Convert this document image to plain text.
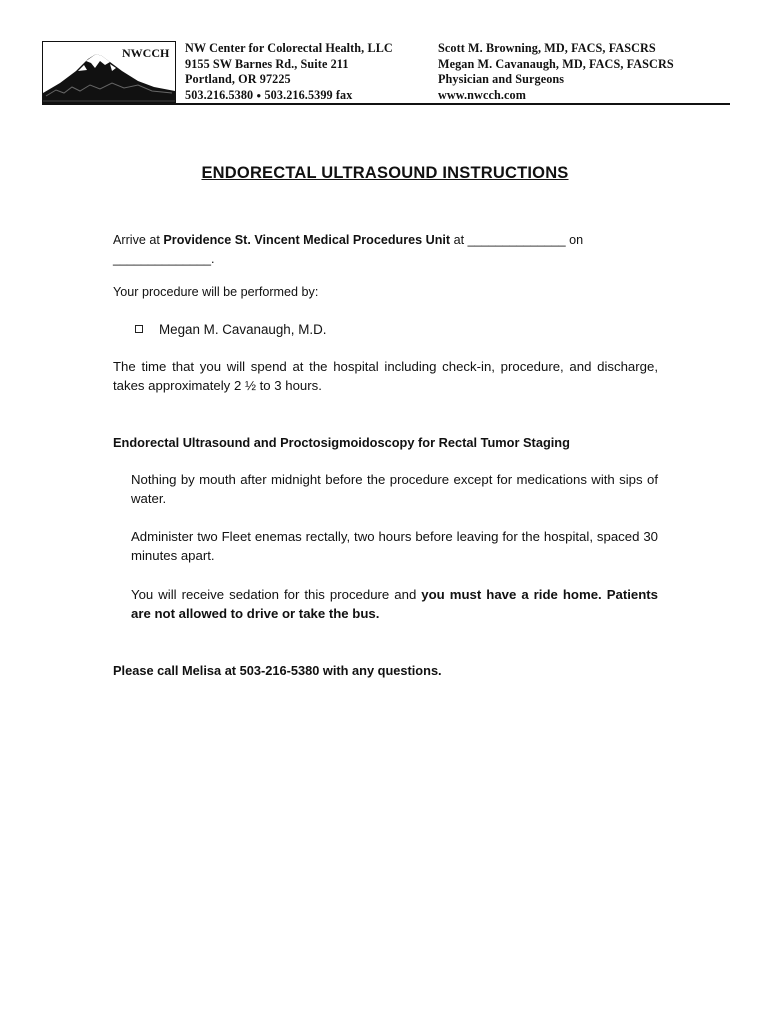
NWCCH NW Center for Colorectal Health, LLC
9155 SW Barnes Rd., Suite 211
Portland, OR 97225
503.216.5380 ● 503.216.5399 fax
Scott M. Browning, MD, FACS, FASCRS
Megan M. Cavanaugh, MD, FACS, FASCRS
Physician and Surgeons
www.nwcch.com
ENDORECTAL ULTRASOUND INSTRUCTIONS
Arrive at Providence St. Vincent Medical Procedures Unit at ______________ on
______________.
Your procedure will be performed by:
Megan M. Cavanaugh, M.D.
The time that you will spend at the hospital including check-in, procedure, and discharge, takes approximately 2 ½ to 3 hours.
Endorectal Ultrasound and Proctosigmoidoscopy for Rectal Tumor Staging
Nothing by mouth after midnight before the procedure except for medications with sips of water.
Administer two Fleet enemas rectally, two hours before leaving for the hospital, spaced 30 minutes apart.
You will receive sedation for this procedure and you must have a ride home. Patients are not allowed to drive or take the bus.
Please call Melisa at 503-216-5380 with any questions.
